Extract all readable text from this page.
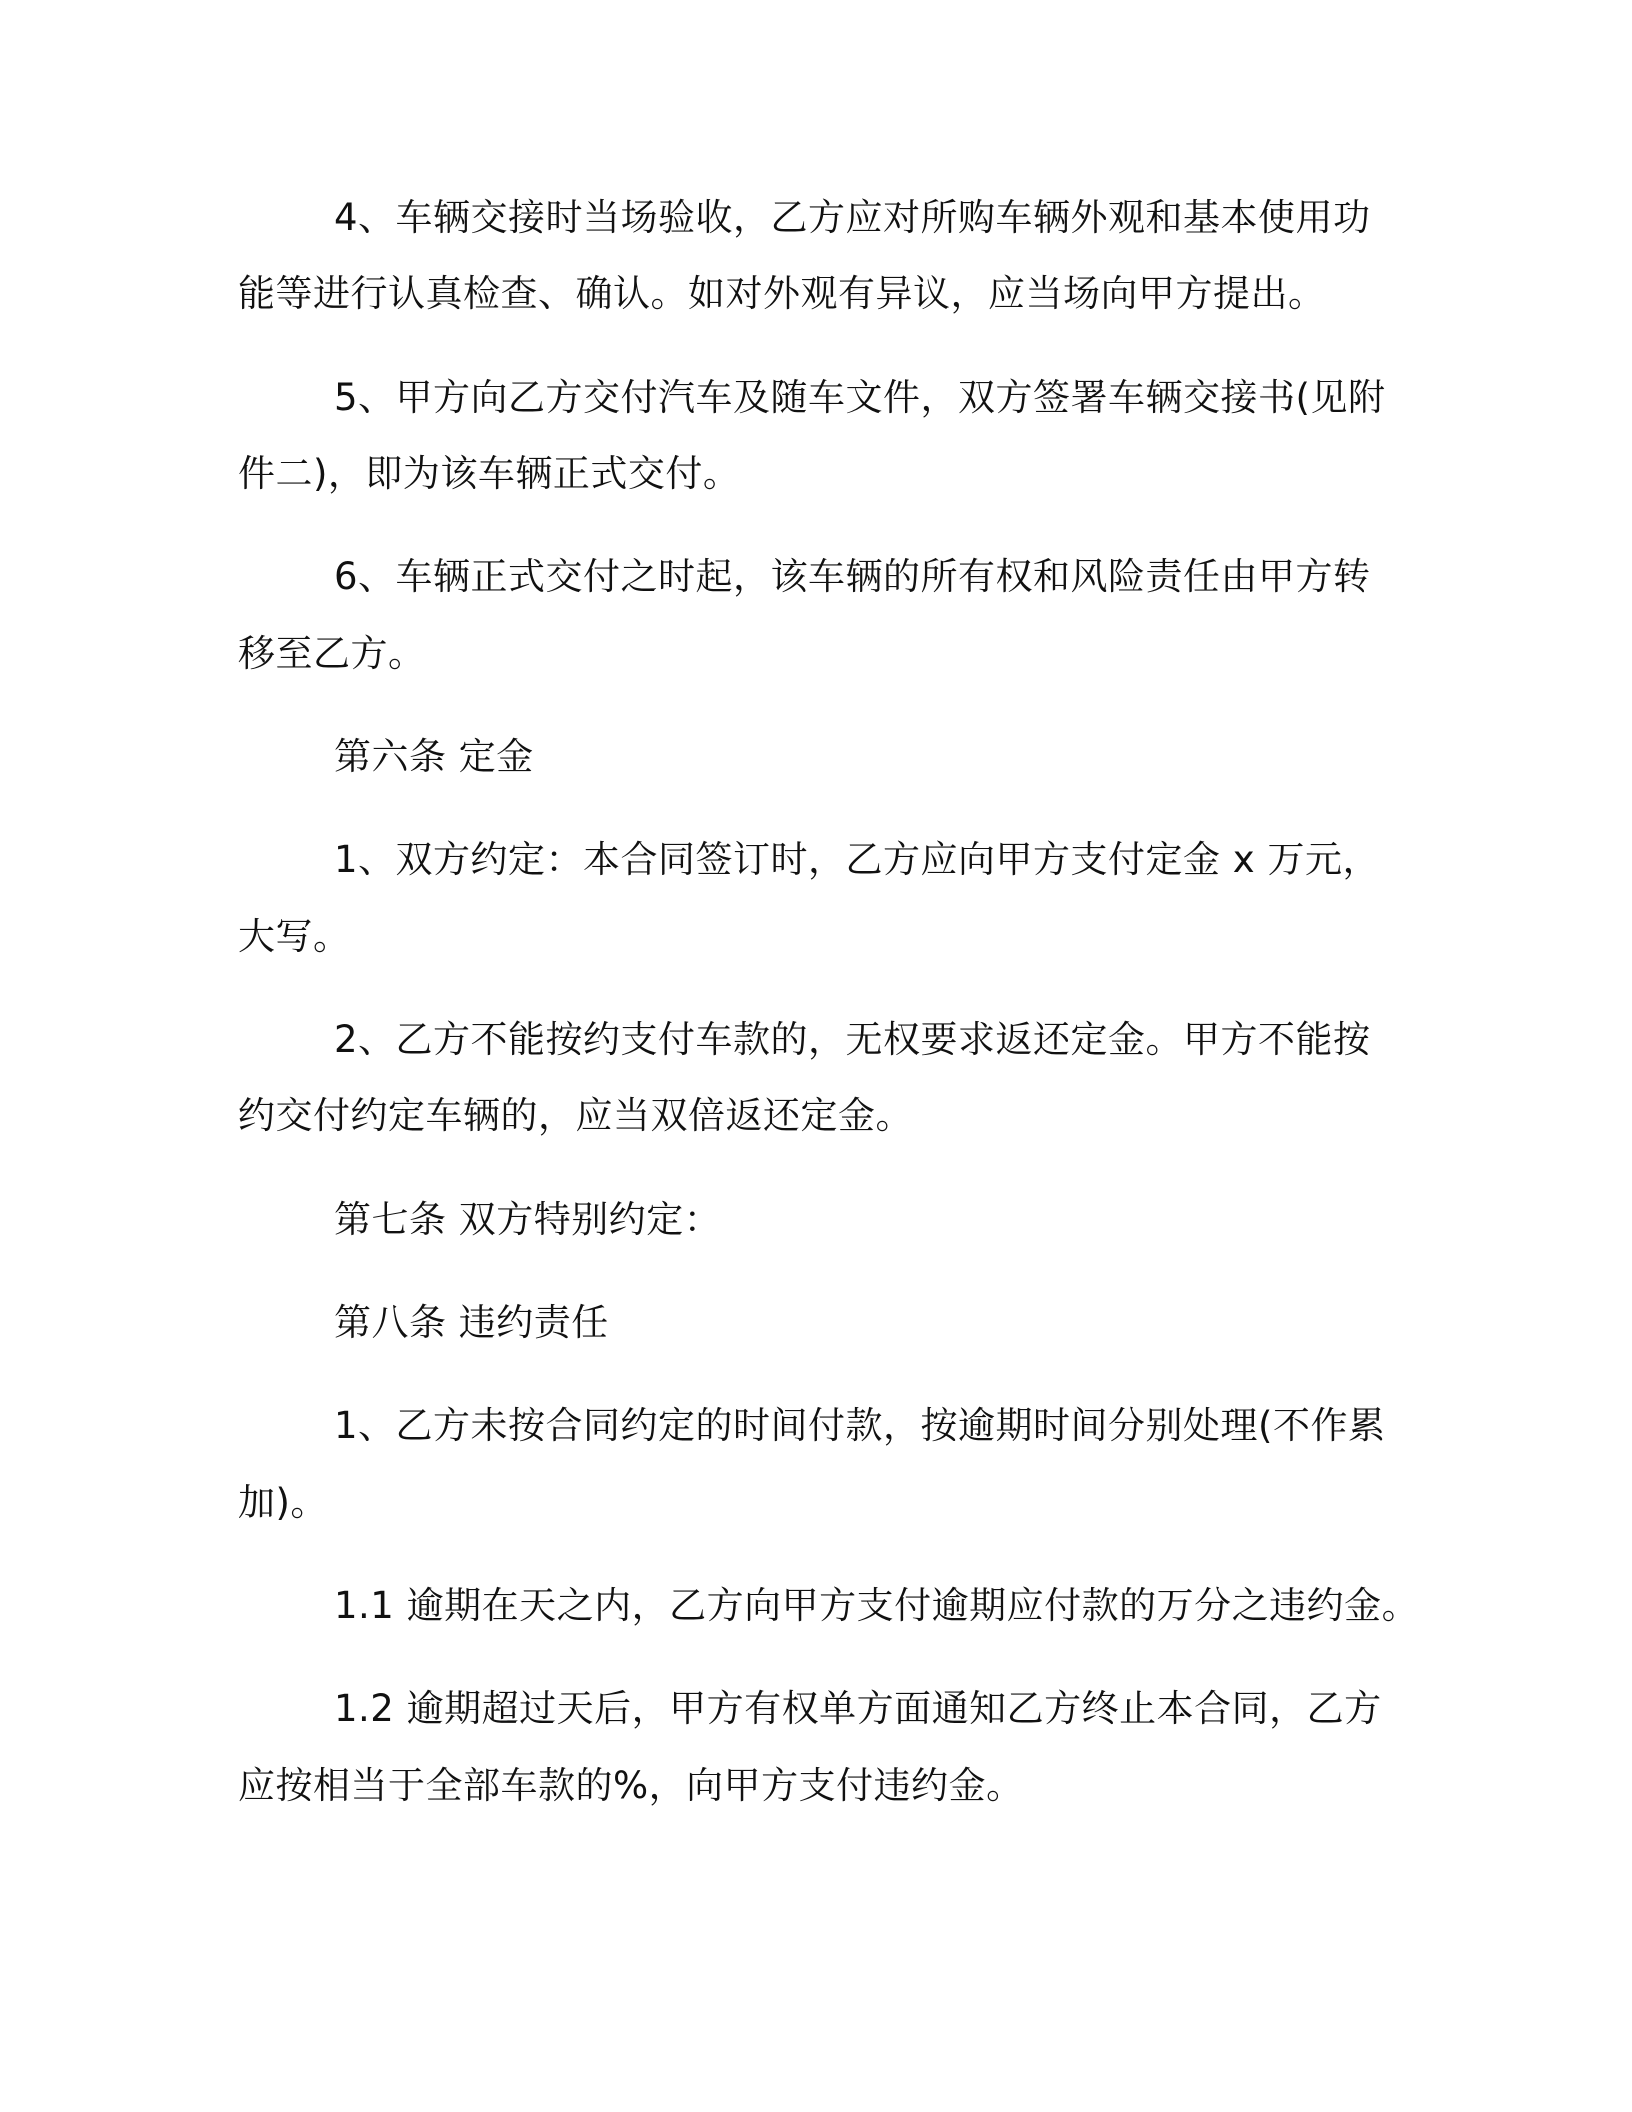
4、车辆交接时当场验收，乙方应对所购车辆外观和基本使用功
能等进行认真检查、确认。如对外观有异议，应当场向甲方提出。
5、甲方向乙方交付汽车及随车文件，双方签署车辆交接书(见附
件二)，即为该车辆正式交付。
6、车辆正式交付之时起，该车辆的所有权和风险责任由甲方转
移至乙方。
第六条 定金
1、双方约定：本合同签订时，乙方应向甲方支付定金 x 万元，
大写。
2、乙方不能按约支付车款的，无权要求返还定金。甲方不能按
约交付约定车辆的，应当双倍返还定金。
第七条 双方特别约定：
第八条 违约责任
1、乙方未按合同约定的时间付款，按逾期时间分别处理(不作累
加)。
1.1 逾期在天之内，乙方向甲方支付逾期应付款的万分之违约金。
1.2 逾期超过天后，甲方有权单方面通知乙方终止本合同，乙方
应按相当于全部车款的%，向甲方支付违约金。
